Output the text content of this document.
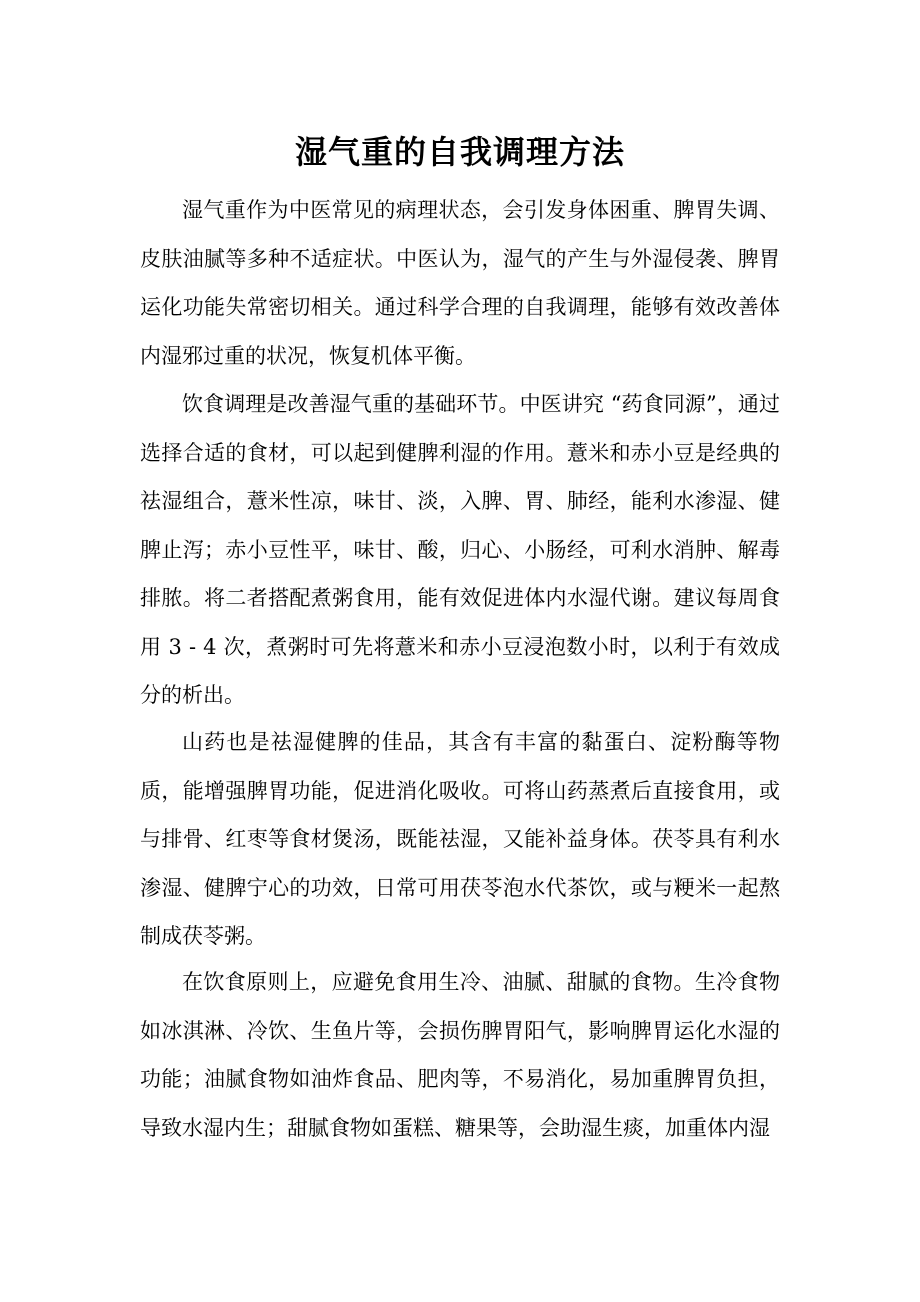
湿气重的自我调理方法

湿气重作为中医常见的病理状态，会引发身体困重、脾胃失调、皮肤油腻等多种不适症状。中医认为，湿气的产生与外湿侵袭、脾胃运化功能失常密切相关。通过科学合理的自我调理，能够有效改善体内湿邪过重的状况，恢复机体平衡。

饮食调理是改善湿气重的基础环节。中医讲究 “药食同源”，通过选择合适的食材，可以起到健脾利湿的作用。薏米和赤小豆是经典的祛湿组合，薏米性凉，味甘、淡，入脾、胃、肺经，能利水渗湿、健脾止泻；赤小豆性平，味甘、酸，归心、小肠经，可利水消肿、解毒排脓。将二者搭配煮粥食用，能有效促进体内水湿代谢。建议每周食用 3 - 4 次，煮粥时可先将薏米和赤小豆浸泡数小时，以利于有效成分的析出。

山药也是祛湿健脾的佳品，其含有丰富的黏蛋白、淀粉酶等物质，能增强脾胃功能，促进消化吸收。可将山药蒸煮后直接食用，或与排骨、红枣等食材煲汤，既能祛湿，又能补益身体。茯苓具有利水渗湿、健脾宁心的功效，日常可用茯苓泡水代茶饮，或与粳米一起熬制成茯苓粥。

在饮食原则上，应避免食用生冷、油腻、甜腻的食物。生冷食物如冰淇淋、冷饮、生鱼片等，会损伤脾胃阳气，影响脾胃运化水湿的功能；油腻食物如油炸食品、肥肉等，不易消化，易加重脾胃负担，导致水湿内生；甜腻食物如蛋糕、糖果等，会助湿生痰，加重体内湿
